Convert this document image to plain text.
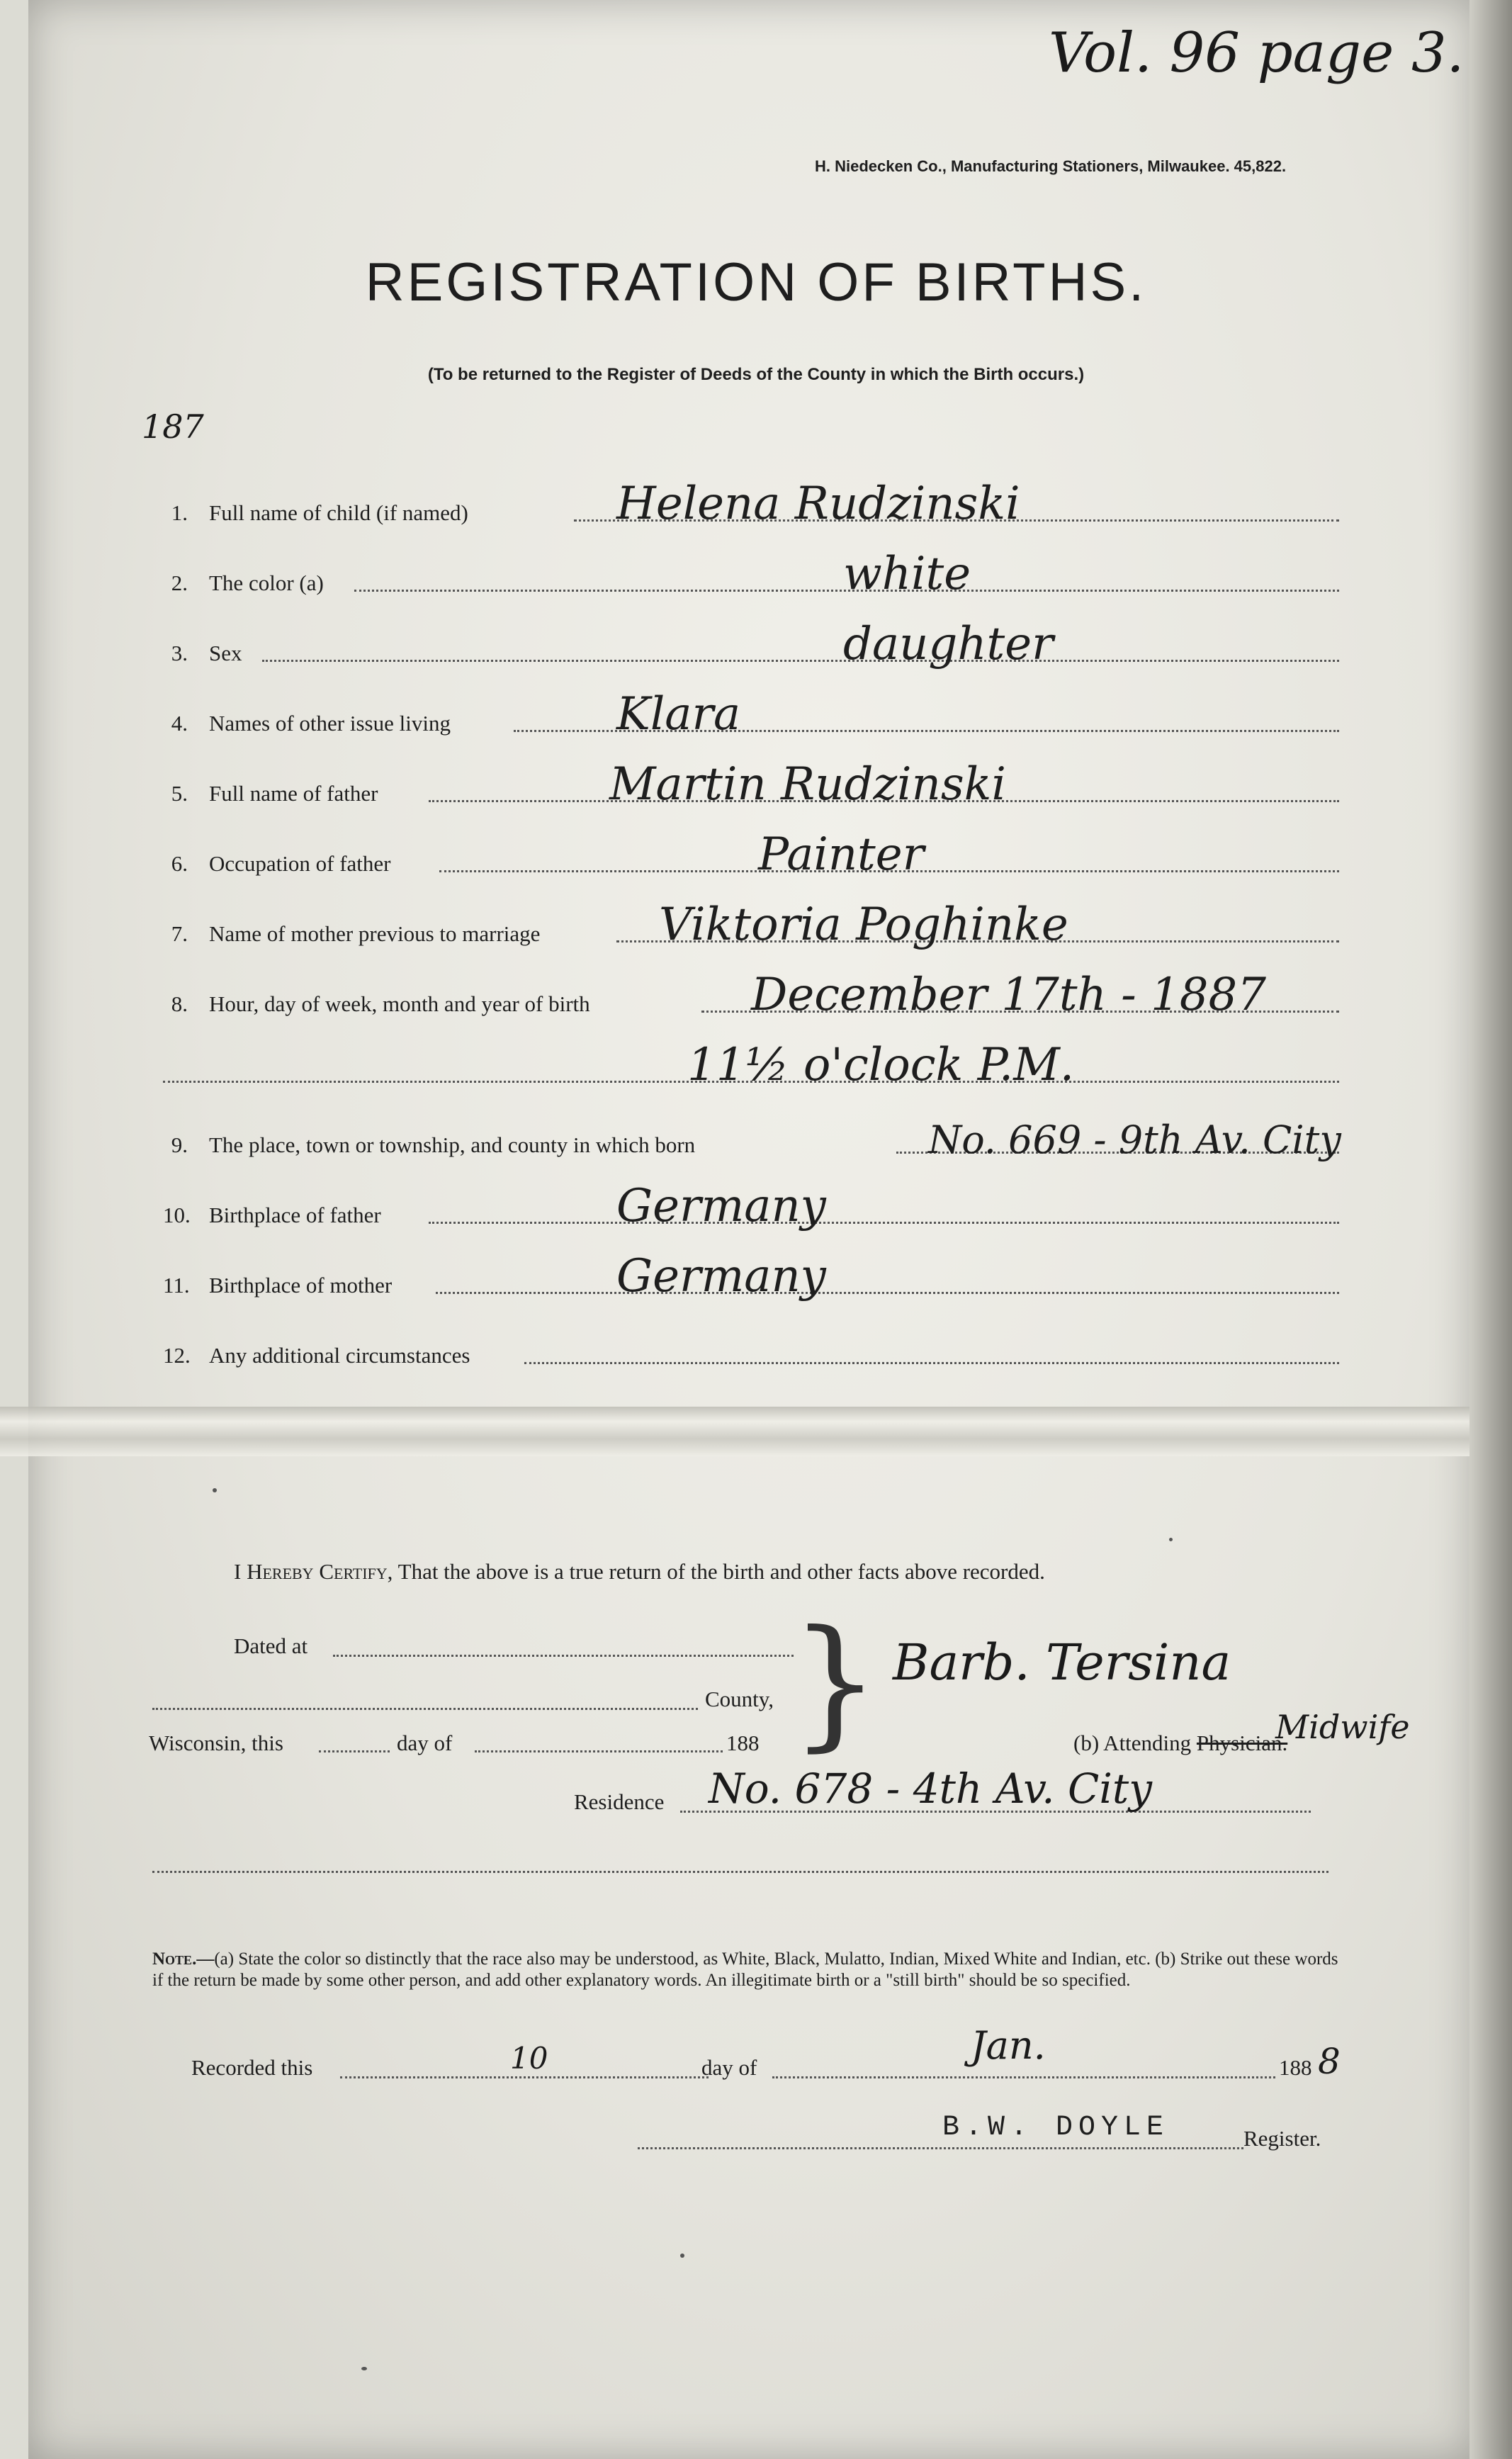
Vol. 96 page 3.
H. Niedecken Co., Manufacturing Stationers, Milwaukee. 45,822.
REGISTRATION OF BIRTHS.
(To be returned to the Register of Deeds of the County in which the Birth occurs.)
187
1. Full name of child (if named)	Helena Rudzinski
2. The color (a)	white
3. Sex	daughter
4. Names of other issue living	Klara
5. Full name of father	Martin Rudzinski
6. Occupation of father	Painter
7. Name of mother previous to marriage	Viktoria Poghinke
8. Hour, day of week, month and year of birth	December 17th - 1887
11½ o'clock P.M.
9. The place, town or township, and county in which born	No. 669 - 9th Av. City
10. Birthplace of father	Germany
11. Birthplace of mother	Germany
12. Any additional circumstances
I Hereby Certify, That the above is a true return of the birth and other facts above recorded.
Dated at
County,
Wisconsin, this	day of	188 } Barb. Tersina
(b) Attending Physician.
Midwife
Residence No. 678 - 4th Av. City
Note.—(a) State the color so distinctly that the race also may be understood, as White, Black, Mulatto, Indian, Mixed White and Indian, etc. (b) Strike out these words if the return be made by some other person, and add other explanatory words. An illegitimate birth or a "still birth" should be so specified.
Recorded this	10	day of	Jan.	188 8
B.W. DOYLE	Register.
